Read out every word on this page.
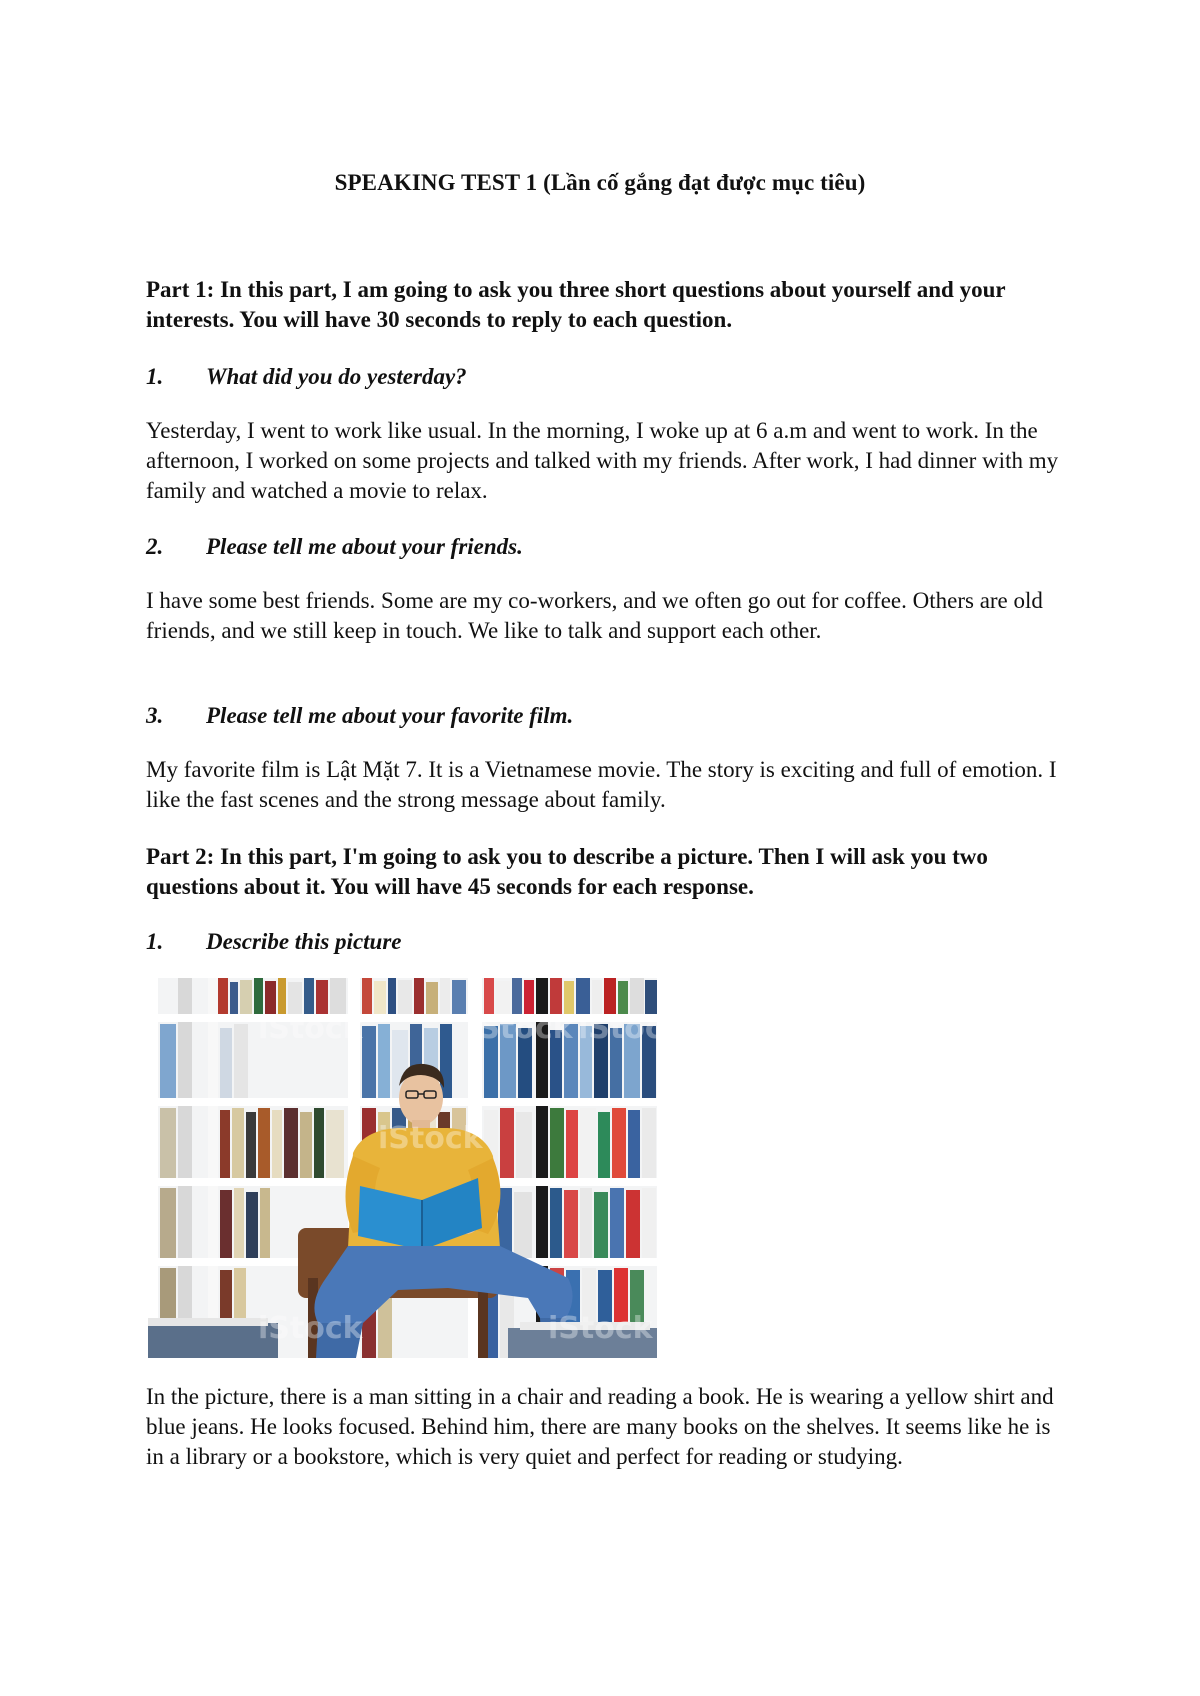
SPEAKING TEST 1 (Lần cố gắng đạt được mục tiêu)

Part 1: In this part, I am going to ask you three short questions about yourself and your interests. You will have 30 seconds to reply to each question.

1.	What did you do yesterday?

Yesterday, I went to work like usual. In the morning, I woke up at 6 a.m and went to work. In the afternoon, I worked on some projects and talked with my friends. After work, I had dinner with my family and watched a movie to relax.

2.	Please tell me about your friends.

I have some best friends. Some are my co-workers, and we often go out for coffee. Others are old friends, and we still keep in touch. We like to talk and support each other.

3.	Please tell me about your favorite film.

My favorite film is Lật Mặt 7. It is a Vietnamese movie. The story is exciting and full of emotion. I like the fast scenes and the strong message about family.

Part 2: In this part, I'm going to ask you to describe a picture. Then I will ask you two questions about it. You will have 45 seconds for each response.

1.	Describe this picture
iStock	iStock iStock
iStock
iStock	iStock

In the picture, there is a man sitting in a chair and reading a book. He is wearing a yellow shirt and blue jeans. He looks focused. Behind him, there are many books on the shelves. It seems like he is in a library or a bookstore, which is very quiet and perfect for reading or studying.
